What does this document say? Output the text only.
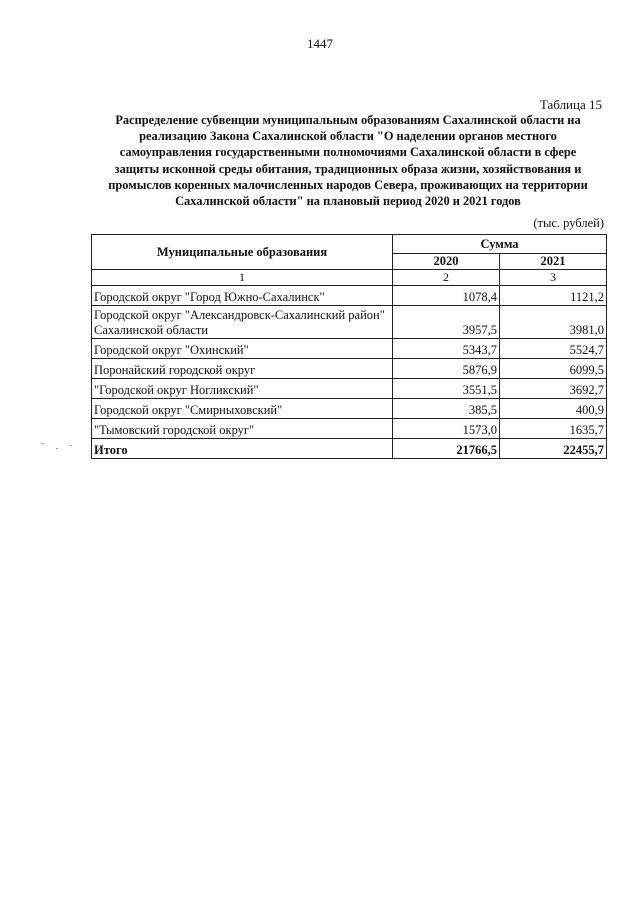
1447
Таблица 15
Распределение субвенции муниципальным образованиям Сахалинской области на
реализацию Закона Сахалинской области "О наделении органов местного
самоуправления государственными полномочиями Сахалинской области в сфере
защиты исконной среды обитания, традиционных образа жизни, хозяйствования и
промыслов коренных малочисленных народов Севера, проживающих на территории
Сахалинской области" на плановый период 2020 и 2021 годов
(тыс. рублей)
Муниципальные образования	Сумма	
	2020	2021
1	2	3
Городской округ "Город Южно-Сахалинск"	1078,4	1121,2
Городской округ "Александровск-Сахалинский район" Сахалинской области	3957,5	3981,0
Городской округ "Охинский"	5343,7	5524,7
Поронайский городской округ	5876,9	6099,5
"Городской округ Ногликский"	3551,5	3692,7
Городской округ "Смирныховский"	385,5	400,9
"Тымовский городской округ"	1573,0	1635,7
Итого	21766,5	22455,7
